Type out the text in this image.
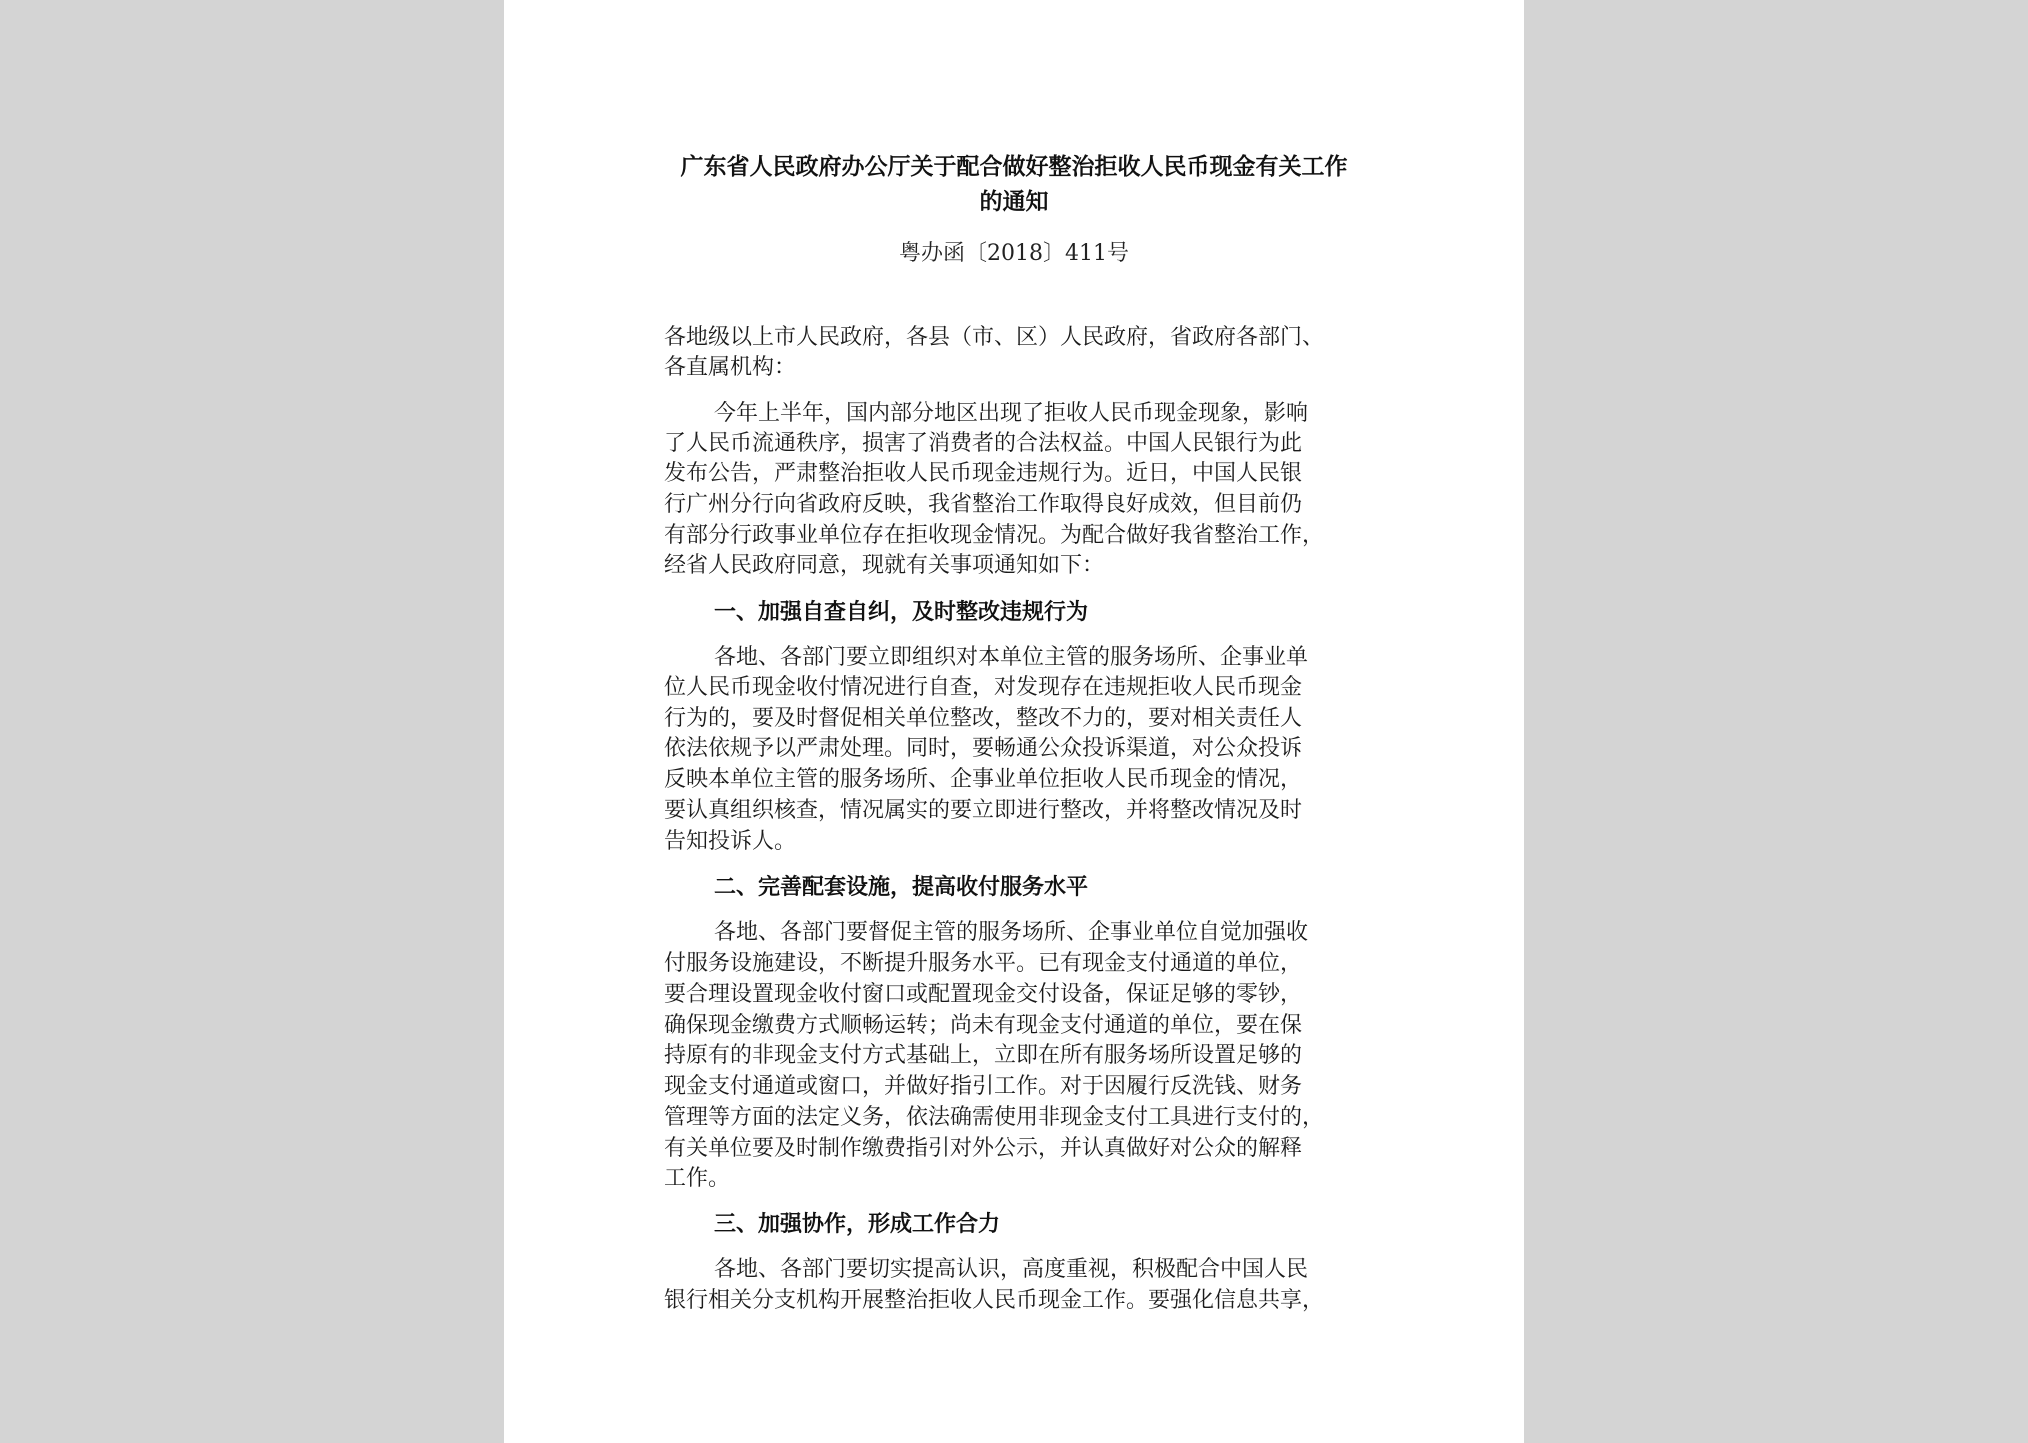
广东省人民政府办公厅关于配合做好整治拒收人民币现金有关工作
的通知
粤办函〔2018〕411号
各地级以上市人民政府，各县（市、区）人民政府，省政府各部门、
各直属机构：
今年上半年，国内部分地区出现了拒收人民币现金现象，影响
了人民币流通秩序，损害了消费者的合法权益。中国人民银行为此
发布公告，严肃整治拒收人民币现金违规行为。近日，中国人民银
行广州分行向省政府反映，我省整治工作取得良好成效，但目前仍
有部分行政事业单位存在拒收现金情况。为配合做好我省整治工作，
经省人民政府同意，现就有关事项通知如下：
一、加强自查自纠，及时整改违规行为
各地、各部门要立即组织对本单位主管的服务场所、企事业单
位人民币现金收付情况进行自查，对发现存在违规拒收人民币现金
行为的，要及时督促相关单位整改，整改不力的，要对相关责任人
依法依规予以严肃处理。同时，要畅通公众投诉渠道，对公众投诉
反映本单位主管的服务场所、企事业单位拒收人民币现金的情况，
要认真组织核查，情况属实的要立即进行整改，并将整改情况及时
告知投诉人。
二、完善配套设施，提高收付服务水平
各地、各部门要督促主管的服务场所、企事业单位自觉加强收
付服务设施建设，不断提升服务水平。已有现金支付通道的单位，
要合理设置现金收付窗口或配置现金交付设备，保证足够的零钞，
确保现金缴费方式顺畅运转；尚未有现金支付通道的单位，要在保
持原有的非现金支付方式基础上，立即在所有服务场所设置足够的
现金支付通道或窗口，并做好指引工作。对于因履行反洗钱、财务
管理等方面的法定义务，依法确需使用非现金支付工具进行支付的，
有关单位要及时制作缴费指引对外公示，并认真做好对公众的解释
工作。
三、加强协作，形成工作合力
各地、各部门要切实提高认识，高度重视，积极配合中国人民
银行相关分支机构开展整治拒收人民币现金工作。要强化信息共享，
